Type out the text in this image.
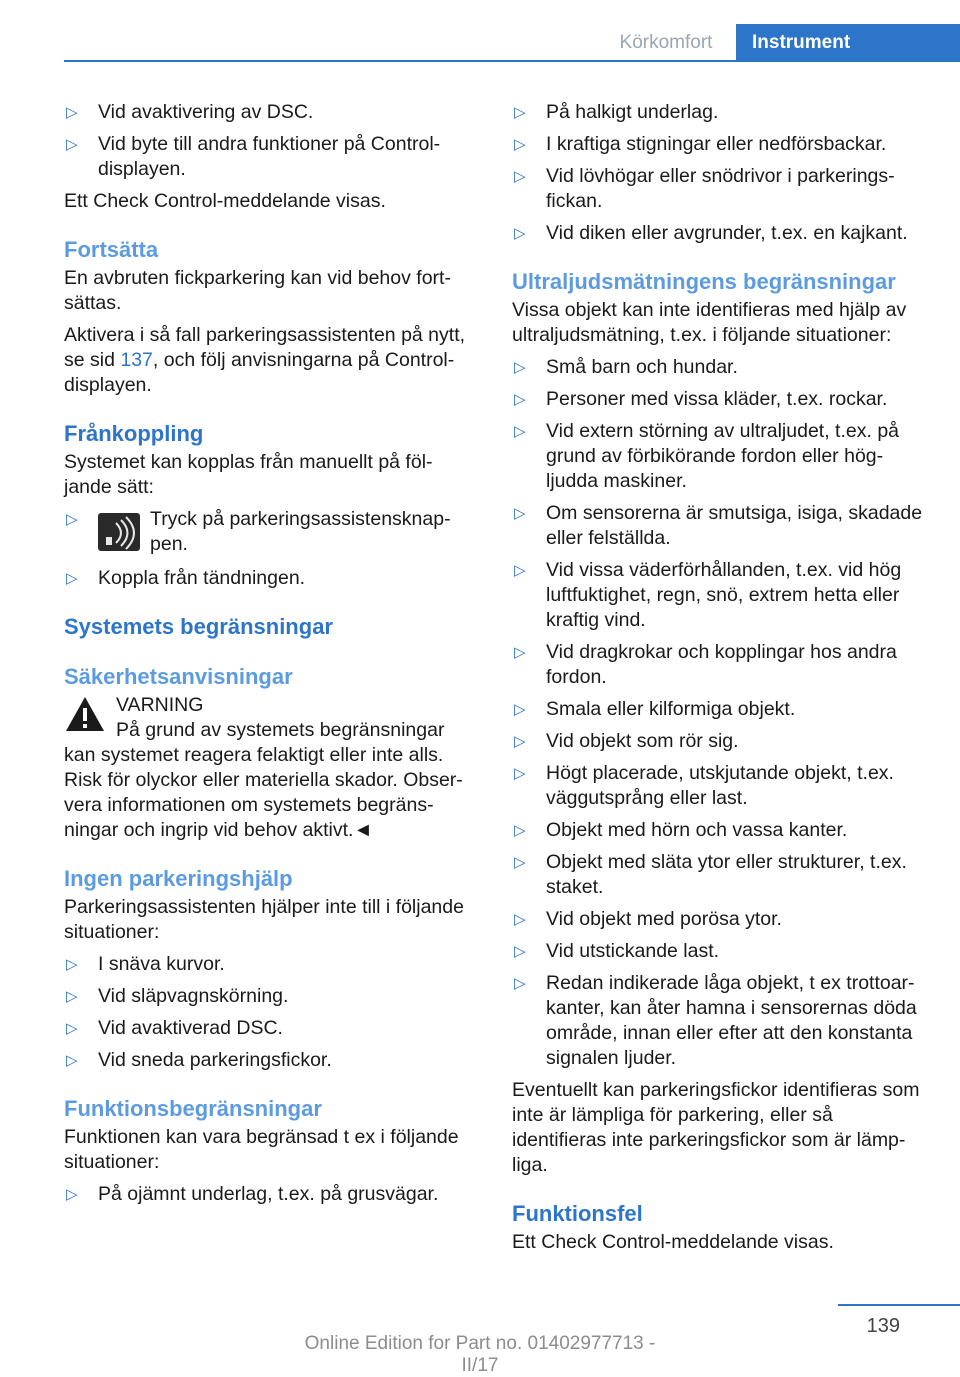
Körkomfort	Instrument
▷ Vid avaktivering av DSC.
▷ Vid byte till andra funktioner på Control-displayen.

Ett Check Control-meddelande visas.

Fortsätta

En avbruten fickparkering kan vid behov fort-sättas.

Aktivera i så fall parkeringsassistenten på nytt, se sid 137, och följ anvisningarna på Control-displayen.

Frånkoppling

Systemet kan kopplas från manuellt på föl-jande sätt:

▷	Tryck på parkeringsassistensknap-pen.
▷ Koppla från tändningen.
Systemets begränsningar
Säkerhetsanvisningar
VARNING
På grund av systemets begränsningar
kan systemet reagera felaktigt eller inte alls. Risk för olyckor eller materiella skador. Obser-vera informationen om systemets begräns-ningar och ingrip vid behov aktivt.◄
Ingen parkeringshjälp

Parkeringsassistenten hjälper inte till i följande situationer:

▷ I snäva kurvor.
▷ Vid släpvagnskörning.
▷ Vid avaktiverad DSC.
▷ Vid sneda parkeringsfickor.
Funktionsbegränsningar

Funktionen kan vara begränsad t ex i följande situationer:

▷ På ojämnt underlag, t.ex. på grusvägar.
▷ På halkigt underlag.
▷ I kraftiga stigningar eller nedförsbackar.
▷ Vid lövhögar eller snödrivor i parkerings-fickan.
▷ Vid diken eller avgrunder, t.ex. en kajkant.
Ultraljudsmätningens begränsningar

Vissa objekt kan inte identifieras med hjälp av ultraljudsmätning, t.ex. i följande situationer:

▷ Små barn och hundar.
▷ Personer med vissa kläder, t.ex. rockar.
▷ Vid extern störning av ultraljudet, t.ex. på grund av förbikörande fordon eller hög-ljudda maskiner.
▷ Om sensorerna är smutsiga, isiga, skadade eller felställda.
▷ Vid vissa väderförhållanden, t.ex. vid hög luftfuktighet, regn, snö, extrem hetta eller kraftig vind.
▷ Vid dragkrokar och kopplingar hos andra fordon.
▷ Smala eller kilformiga objekt.
▷ Vid objekt som rör sig.
▷ Högt placerade, utskjutande objekt, t.ex. väggutsprång eller last.
▷ Objekt med hörn och vassa kanter.
▷ Objekt med släta ytor eller strukturer, t.ex. staket.
▷ Vid objekt med porösa ytor.
▷ Vid utstickande last.
▷ Redan indikerade låga objekt, t ex trottoar-kanter, kan åter hamna i sensorernas döda område, innan eller efter att den konstanta signalen ljuder.

Eventuellt kan parkeringsfickor identifieras som inte är lämpliga för parkering, eller så identifieras inte parkeringsfickor som är lämp-liga.

Funktionsfel

Ett Check Control-meddelande visas.

139
Online Edition for Part no. 01402977713 - II/17
